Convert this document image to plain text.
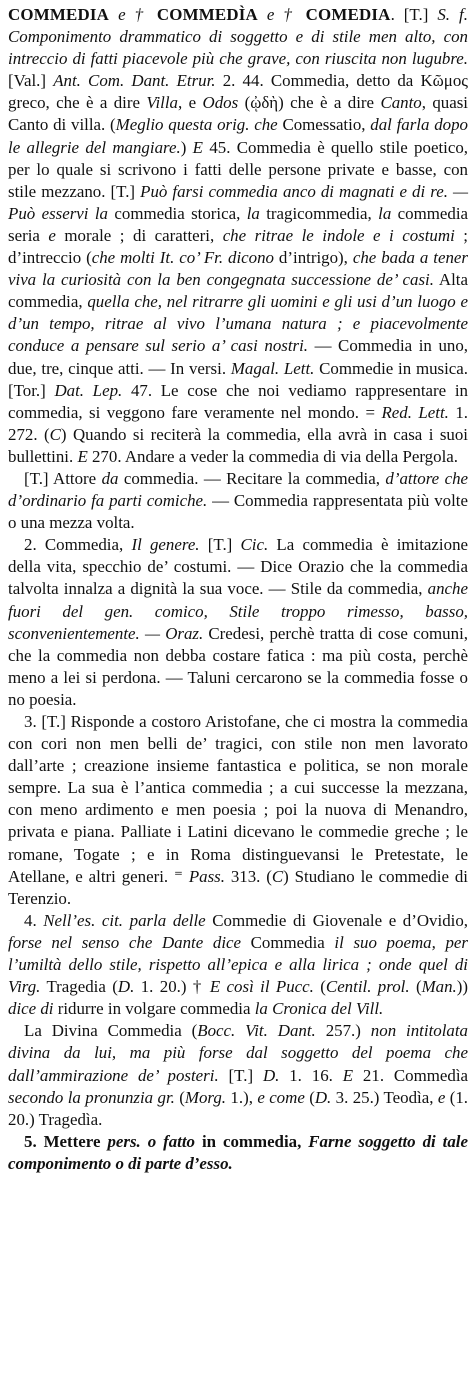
COMMEDIA e † COMMEDÌA e † COMEDIA. [T.] S. f. Componimento drammatico di soggetto e di stile men alto, con intreccio di fatti piacevole più che grave, con riuscita non lugubre. [Val.] Ant. Com. Dant. Etrur. 2. 44. Commedia, detto da Κῶμος greco, che è a dire Villa, e Odos (ᾠδὴ) che è a dire Canto, quasi Canto di villa. (Meglio questa orig. che Comessatio, dal farla dopo le allegrie del mangiare.) E 45. Commedia è quello stile poetico, per lo quale si scrivono i fatti delle persone private e basse, con stile mezzano. [T.] Può farsi commedia anco di magnati e di re. — Può esservi la commedia storica, la tragicommedia, la commedia seria e morale ; di caratteri, che ritrae le indole e i costumi ; d’intreccio (che molti It. co’ Fr. dicono d’intrigo), che bada a tener viva la curiosità con la ben congegnata successione de’ casi. Alta commedia, quella che, nel ritrarre gli uomini e gli usi d’un luogo e d’un tempo, ritrae al vivo l’umana natura ; e piacevolmente conduce a pensare sul serio a’ casi nostri. — Commedia in uno, due, tre, cinque atti. — In versi. Magal. Lett. Commedie in musica. [Tor.] Dat. Lep. 47. Le cose che noi vediamo rappresentare in commedia, si veggono fare veramente nel mondo. = Red. Lett. 1. 272. (C) Quando si reciterà la commedia, ella avrà in casa i suoi bullettini. E 270. Andare a veder la commedia di via della Pergola.

[T.] Attore da commedia. — Recitare la commedia, d’attore che d’ordinario fa parti comiche. — Commedia rappresentata più volte o una mezza volta.

2. Commedia, Il genere. [T.] Cic. La commedia è imitazione della vita, specchio de’ costumi. — Dice Orazio che la commedia talvolta innalza a dignità la sua voce. — Stile da commedia, anche fuori del gen. comico, Stile troppo rimesso, basso, sconvenientemente. — Oraz. Credesi, perchè tratta di cose comuni, che la commedia non debba costare fatica : ma più costa, perchè meno a lei si perdona. — Taluni cercarono se la commedia fosse o no poesia.

3. [T.] Risponde a costoro Aristofane, che ci mostra la commedia con cori non men belli de’ tragici, con stile non men lavorato dall’arte ; creazione insieme fantastica e politica, se non morale sempre. La sua è l’antica commedia ; a cui successe la mezzana, con meno ardimento e men poesia ; poi la nuova di Menandro, privata e piana. Palliate i Latini dicevano le commedie greche ; le romane, Togate ; e in Roma distinguevansi le Pretestate, le Atellane, e altri generi. ⁼ Pass. 313. (C) Studiano le commedie di Terenzio.

4. Nell’es. cit. parla delle Commedie di Giovenale e d’Ovidio, forse nel senso che Dante dice Commedia il suo poema, per l’umiltà dello stile, rispetto all’epica e alla lirica ; onde quel di Virg. Tragedia (D. 1. 20.) † E così il Pucc. (Centil. prol. (Man.)) dice di ridurre in volgare commedia la Cronica del Vill.

La Divina Commedia (Bocc. Vit. Dant. 257.) non intitolata divina da lui, ma più forse dal soggetto del poema che dall’ammirazione de’ posteri. [T.] D. 1. 16. E 21. Commedìa secondo la pronunzia gr. (Morg. 1.), e come (D. 3. 25.) Teodìa, e (1. 20.) Tragedìa.

5. Mettere pers. o fatto in commedia, Farne soggetto di tale componimento o di parte d’esso.
